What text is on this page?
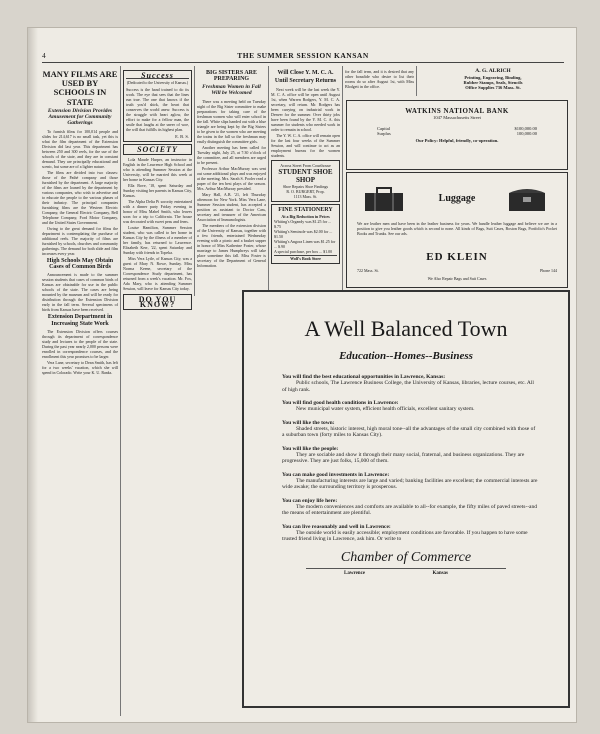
4	THE SUMMER SESSION KANSAN
MANY FILMS ARE USED BY SCHOOLS IN STATE
Extension Division Provides Amusement for Community Gatherings
To furnish films for 100,014 people and slides for 214,617 is no small task, yet this is what the film department of the Extension Division did last year. This department has between 250 and 300 reels, for the use of the schools of the state, and they are in constant demand. They are principally educational and scenic, but some are of a lighter nature.
The films are divided into two classes: those of the Pathé company and those furnished by the department. A large majority of the films are loaned by the department by various companies, who wish to advertise and to educate the people to the various phases of their industry. The principal companies furnishing films are the Western Electric Company, the General Electric Company, Bell Telephone Company, Ford Motor Company, and the United States Government.
Owing to the great demand for films the department is contemplating the purchase of additional reels. The majority of films are furnished by schools, churches and community gatherings. The demand for both slide and film increases every year.
High Schools May Obtain Cases of Common Birds
Announcement is made to the summer session students that cases of common birds of Kansas are obtainable for use in the public schools of the state. The cases are being mounted by the museum and will be ready for distribution through the Extension Division early in the fall term. Several specimens of birds from Kansas have been received.
Extension Department in Increasing State Work
The Extension Division offers courses through its department of correspondence study and lectures to the people of the state. During the past year nearly 2,000 persons were enrolled in correspondence courses, and the enrollment this year promises to be larger.
Vera Lane, secretary to Dean Smith, has left for a two weeks' vacation, which she will spend in Colorado. Write your K. U. Ranks.
Success
(Dedicated to the University of Kansas.)
Success is the hand trained to do its work. The eye that sees that the lines run true. The one that knows if the truth you'd shirk, the heart that conserves the world anew. Success is the struggle with heart aglow, the effort to make for a fellow man, the smile that laughs at the sneer of woe, the will that fulfills its highest plan.
E. B. S.
SOCIETY
Lola Maude Harper, an instructor in English in the Lawrence High School and who is attending Summer Session at the University, will be married this week at her home in Kansas City.
Ella Bove, '18, spent Saturday and Sunday visiting her parents in Kansas City, Kansas.
The Alpha Delta Pi sorority entertained with a dinner party Friday evening in honor of Miss Mabel Smith, who leaves soon for a trip to California. The house was decorated with sweet peas and ferns.
Louise Hamilton, Summer Session student, who was called to her home in Kansas City by the illness of a member of her family, has returned to Lawrence. Elizabeth Kerr, '22, spent Saturday and Sunday with friends in Topeka.
Miss Vera Lytle, of Kansas City, was a guest of Mary N. Rowe, Sunday. Miss Norma Keene, secretary of the Correspondence Study department, has returned from a week's vacation. Mr. Fox, Ada Mary, who is attending Summer Session, will leave for Kansas City today.
DO YOU KNOW?
BIG SISTERS ARE PREPARING
Freshman Women in Fall Will be Welcomed
There was a meeting held on Tuesday night of the Big Sister committee to make preparations for taking care of the freshman women who will enter school in the fall. White slips handed out with a blue triangle are being kept by the Big Sisters to be given to the women who are meeting the trains in the fall so the freshman may easily distinguish the committee girls.
Another meeting has been called for Tuesday night, July 25, at 7:30 o'clock of the committee, and all members are urged to be present.
Professor Arthur MacMurray was sent out some additional plays and was enjoyed at the meeting. Mrs. Sarah S. Pooler read a paper of the ten best plays of the season. Mrs. Arthur MacMurray presided.
Mary Hall, A.B. '21, left Thursday afternoon for New York. Miss Vera Lane, Summer Session student, has accepted a position as assistant to Doctor Cass, secretary and treasurer of the American Association of Immunologists.
The members of the extension division of the University of Kansas, together with a few friends, entertained Wednesday evening with a picnic and a basket supper in honor of Miss Katherine Foster, whose marriage to James Humphreys will take place sometime this fall. Miss Foster is secretary of the Department of General Information.
Will Close Y. M. C. A.
Until Secretary Returns
Next week will be the last week the Y. M. C. A. office will be open until August 1st, when Warren Rodgers, Y. M. C. A. secretary, will return. Mr. Rodgers has been carrying on industrial work in Denver for the summer. Over thirty jobs have been found by the Y. M. C. A. this summer for students who needed work in order to remain in school.
The Y. W. C. A. office will remain open for the last four weeks of the Summer Session, and will continue to act as an employment bureau for the women students.
Across Street From Courthouse
STUDENT SHOE SHOP
Shoe Repairs Shoe Findings
R. O. BURGERT, Prop.
1113 Mass. St.
FINE STATIONERY
At a Big Reduction in Prices
Whiting's Organdy was $1.25 for ... $.75
Whiting's Seminole was $2.00 for ... $1.50
Whiting's Angora Linen was $1.25 for ... $.90
A special purchase, per box ... $1.00
Wolf's Book Store
for the fall term, and it is desired that any other bonafide who desire to list their rooms do so after August 1st, with Miss Blodgett in the office.
A. G. ALRICH
Printing, Engraving, Binding,
Rubber Stamps, Seals, Stencils
Office Supplies 736 Mass. St.
WATKINS NATIONAL BANK
1047 Massachusetts Street
Capital	$100,000.00
Surplus	100,000.00
Our Policy: Helpful, friendly, co-operation.
Luggage
We are leather men and have been in the leather business for years. We handle leather luggage and believe we are in a position to give you leather goods which is second to none. All kinds of Bags, Suit Cases, Boston Bags, Portfolio's Pocket Books and Trunks. See our ads.
ED KLEIN
722 Mass. St.	Phone 144
We Also Repair Bags and Suit Cases
A Well Balanced Town
Education--Homes--Business
You will find the best educational opportunities in Lawrence, Kansas:
Public schools, The Lawrence Business College, the University of Kansas, libraries, lecture courses, etc. All of high rank.
You will find good health conditions in Lawrence:
New municipal water system, efficient health officials, excellent sanitary system.
You will like the town:
Shaded streets, historic interest, high moral tone--all the advantages of the small city combined with those of a suburban town (forty miles to Kansas City).
You will like the people:
They are sociable and show it through their many social, fraternal, and business organizations. They are progressive. They are just folks, 15,000 of them.
You can make good investments in Lawrence:
The manufacturing interests are large and varied; banking facilities are excellent; the commercial interests are wide awake; the surrounding territory is prosperous.
You can enjoy life here:
The modern conveniences and comforts are available to all--for example, the fifty miles of paved streets--and the means of entertainment are plentiful.
You can live reasonably and well in Lawrence:
The outside world is easily accessible; employment conditions are favorable. If you happen to have some trusted friend living in Lawrence, ask him. Or write to
Chamber of Commerce
Lawrence	Kansas
